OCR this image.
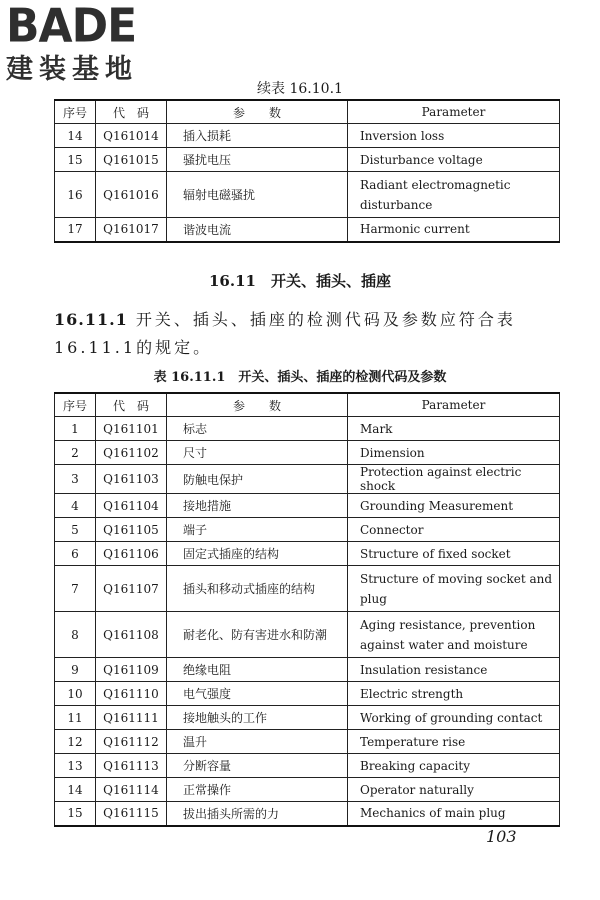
BADE
建装基地
续表 16.10.1
序号	代　码	参　　数	Parameter
14	Q161014	插入损耗	Inversion loss
15	Q161015	骚扰电压	Disturbance voltage
16	Q161016	辐射电磁骚扰	Radiant electromagnetic disturbance
17	Q161017	谐波电流	Harmonic current
16.11　开关、插头、插座
16.11.1 开关、插头、插座的检测代码及参数应符合表16.11.1的规定。
表 16.11.1　开关、插头、插座的检测代码及参数
序号	代　码	参　　数	Parameter
1	Q161101	标志	Mark
2	Q161102	尺寸	Dimension
3	Q161103	防触电保护	Protection against electric shock
4	Q161104	接地措施	Grounding Measurement
5	Q161105	端子	Connector
6	Q161106	固定式插座的结构	Structure of fixed socket
7	Q161107	插头和移动式插座的结构	Structure of moving socket and plug
8	Q161108	耐老化、防有害进水和防潮	Aging resistance, prevention against water and moisture
9	Q161109	绝缘电阻	Insulation resistance
10	Q161110	电气强度	Electric strength
11	Q161111	接地触头的工作	Working of grounding contact
12	Q161112	温升	Temperature rise
13	Q161113	分断容量	Breaking capacity
14	Q161114	正常操作	Operator naturally
15	Q161115	拔出插头所需的力	Mechanics of main plug
103
